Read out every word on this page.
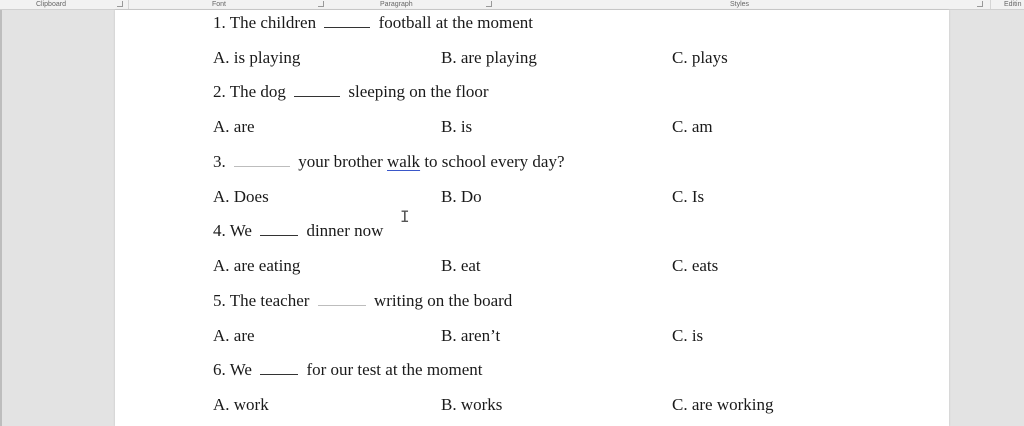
Clipboard	Font	Paragraph	Styles	Editin
1. The children	football at the moment
A. is playing	B. are playing	C. plays
2. The dog	sleeping on the floor
A. are	B. is	C. am
3.	your brother walk to school every day?
A. Does	B. Do	C. Is
4. We	dinner now
A. are eating	B. eat	C. eats
5. The teacher	writing on the board
A. are	B. aren’t	C. is
6. We	for our test at the moment
A. work	B. works	C. are working
I
